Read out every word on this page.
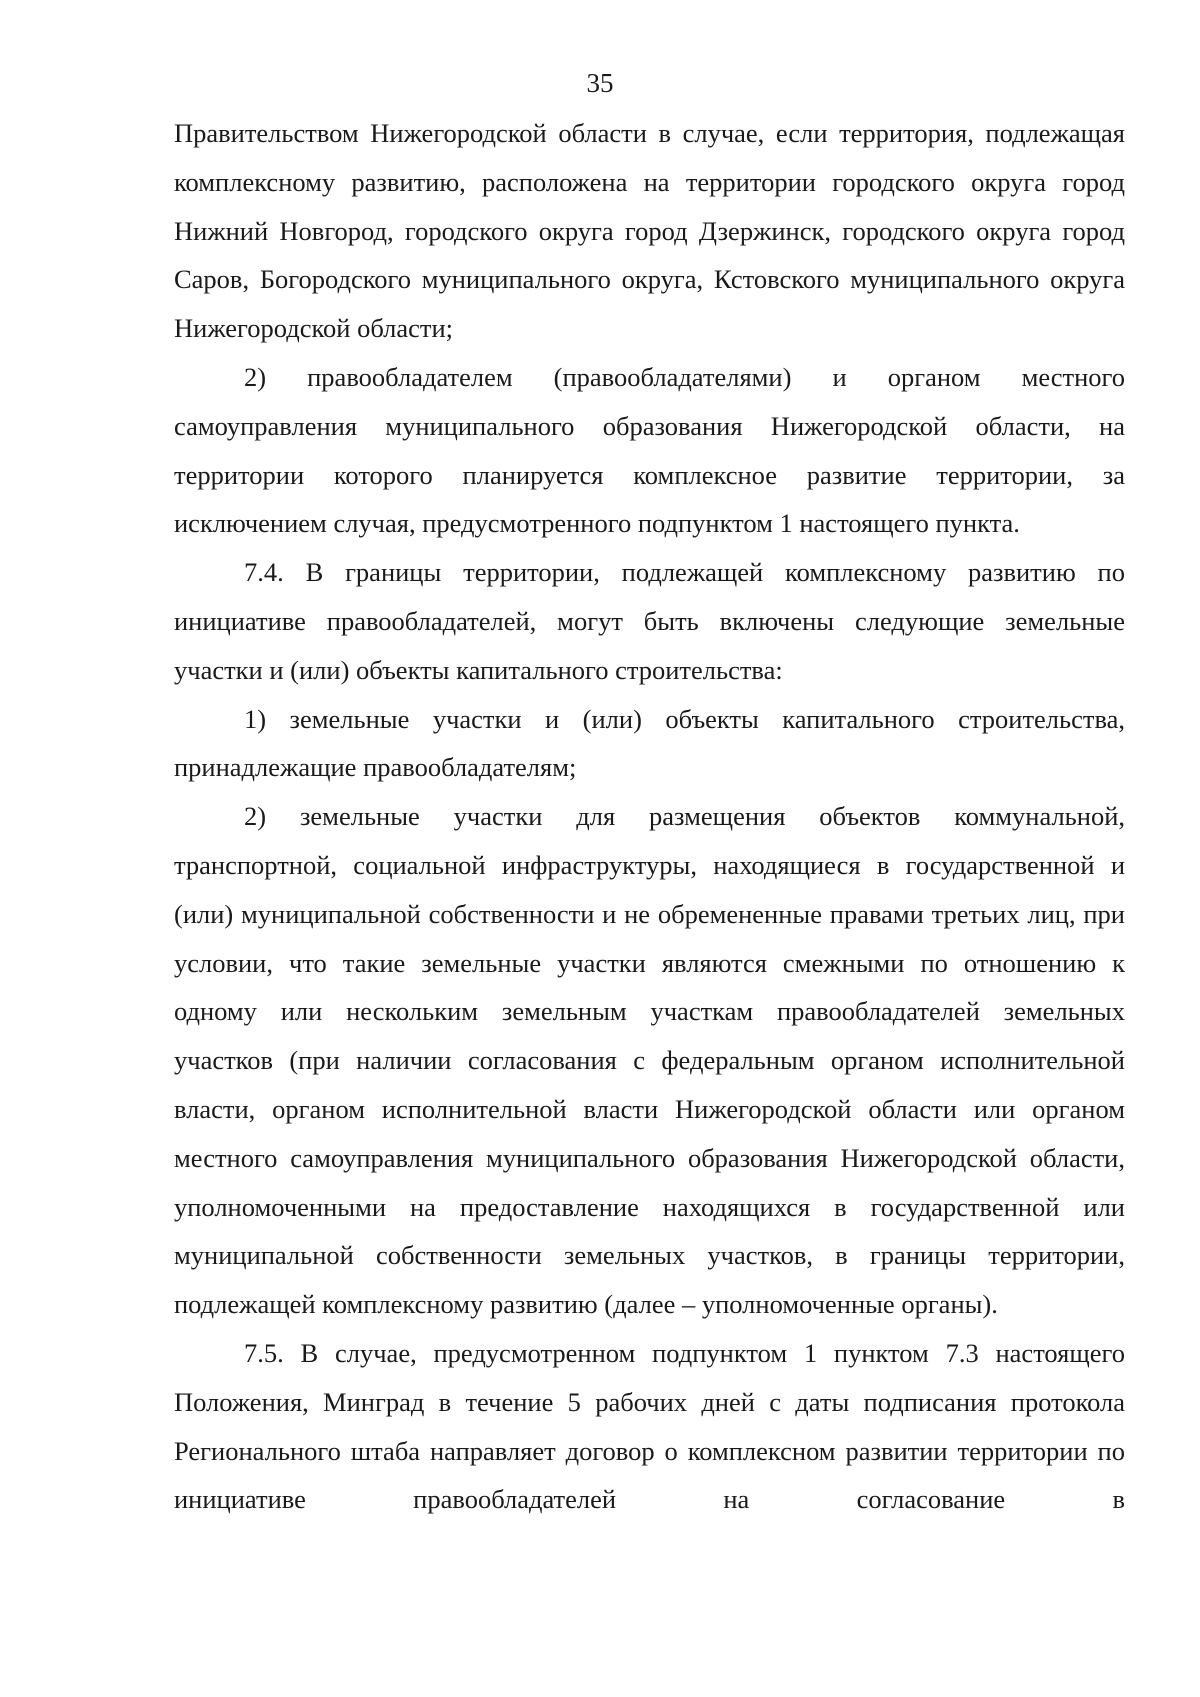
35

Правительством Нижегородской области в случае, если территория, подлежащая комплексному развитию, расположена на территории городского округа город Нижний Новгород, городского округа город Дзержинск, городского округа город Саров, Богородского муниципального округа, Кстовского муниципального округа Нижегородской области;

2) правообладателем (правообладателями) и органом местного самоуправления муниципального образования Нижегородской области, на территории которого планируется комплексное развитие территории, за исключением случая, предусмотренного подпунктом 1 настоящего пункта.

7.4. В границы территории, подлежащей комплексному развитию по инициативе правообладателей, могут быть включены следующие земельные участки и (или) объекты капитального строительства:

1) земельные участки и (или) объекты капитального строительства, принадлежащие правообладателям;

2) земельные участки для размещения объектов коммунальной, транспортной, социальной инфраструктуры, находящиеся в государственной и (или) муниципальной собственности и не обремененные правами третьих лиц, при условии, что такие земельные участки являются смежными по отношению к одному или нескольким земельным участкам правообладателей земельных участков (при наличии согласования с федеральным органом исполнительной власти, органом исполнительной власти Нижегородской области или органом местного самоуправления муниципального образования Нижегородской области, уполномоченными на предоставление находящихся в государственной или муниципальной собственности земельных участков, в границы территории, подлежащей комплексному развитию (далее – уполномоченные органы).

7.5. В случае, предусмотренном подпунктом 1 пунктом 7.3 настоящего Положения, Минград в течение 5 рабочих дней с даты подписания протокола Регионального штаба направляет договор о комплексном развитии территории по инициативе правообладателей на согласование в
